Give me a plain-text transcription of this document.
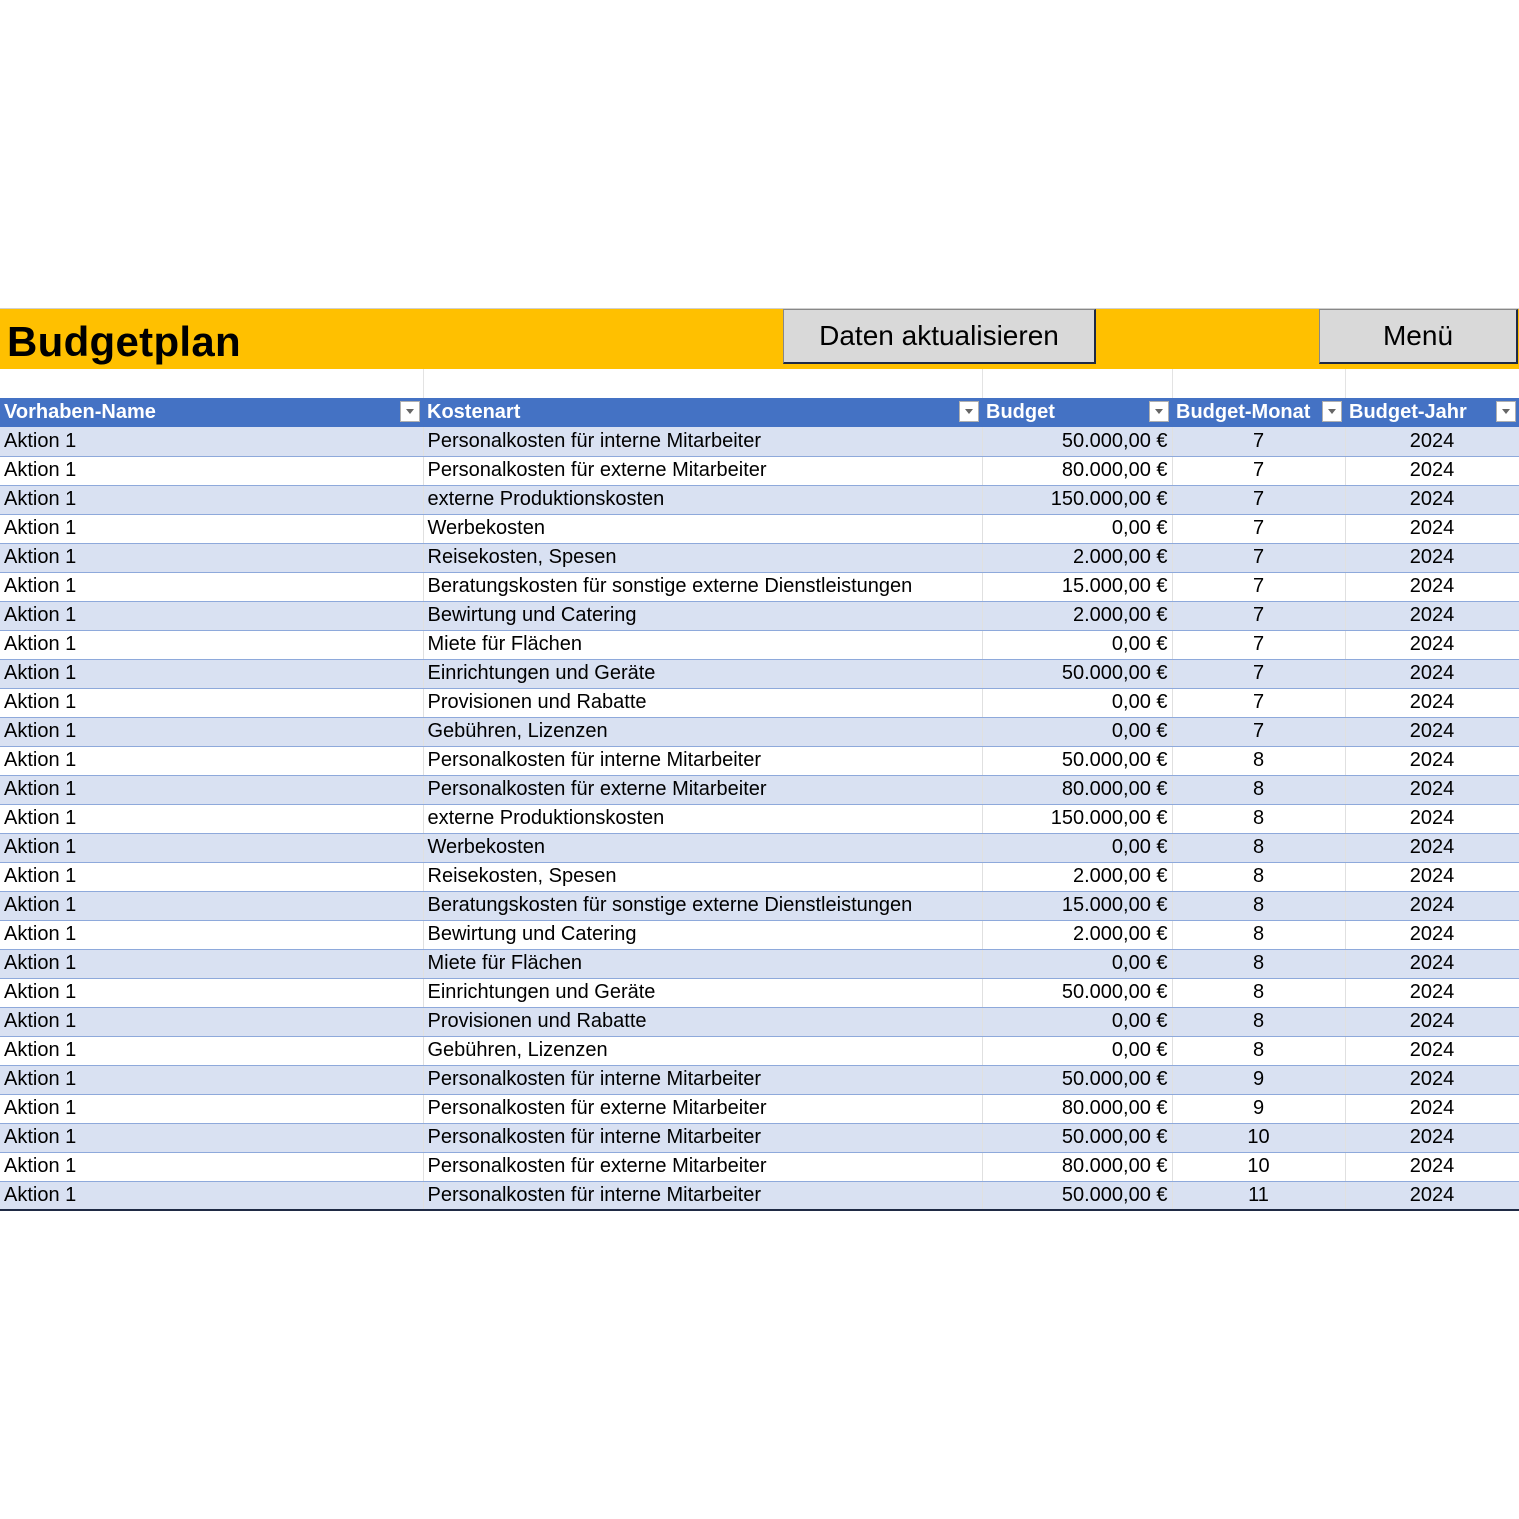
Budgetplan	Daten aktualisieren	Menü
Vorhaben-Name	Kostenart	Budget	Budget-Monat	Budget-Jahr

Aktion 1	Personalkosten für interne Mitarbeiter	50.000,00 €	7	2024
Aktion 1	Personalkosten für externe Mitarbeiter	80.000,00 €	7	2024
Aktion 1	externe Produktionskosten	150.000,00 €	7	2024
Aktion 1	Werbekosten	0,00 €	7	2024
Aktion 1	Reisekosten, Spesen	2.000,00 €	7	2024
Aktion 1	Beratungskosten für sonstige externe Dienstleistungen	15.000,00 €	7	2024
Aktion 1	Bewirtung und Catering	2.000,00 €	7	2024
Aktion 1	Miete für Flächen	0,00 €	7	2024
Aktion 1	Einrichtungen und Geräte	50.000,00 €	7	2024
Aktion 1	Provisionen und Rabatte	0,00 €	7	2024
Aktion 1	Gebühren, Lizenzen	0,00 €	7	2024
Aktion 1	Personalkosten für interne Mitarbeiter	50.000,00 €	8	2024
Aktion 1	Personalkosten für externe Mitarbeiter	80.000,00 €	8	2024
Aktion 1	externe Produktionskosten	150.000,00 €	8	2024
Aktion 1	Werbekosten	0,00 €	8	2024
Aktion 1	Reisekosten, Spesen	2.000,00 €	8	2024
Aktion 1	Beratungskosten für sonstige externe Dienstleistungen	15.000,00 €	8	2024
Aktion 1	Bewirtung und Catering	2.000,00 €	8	2024
Aktion 1	Miete für Flächen	0,00 €	8	2024
Aktion 1	Einrichtungen und Geräte	50.000,00 €	8	2024
Aktion 1	Provisionen und Rabatte	0,00 €	8	2024
Aktion 1	Gebühren, Lizenzen	0,00 €	8	2024
Aktion 1	Personalkosten für interne Mitarbeiter	50.000,00 €	9	2024
Aktion 1	Personalkosten für externe Mitarbeiter	80.000,00 €	9	2024
Aktion 1	Personalkosten für interne Mitarbeiter	50.000,00 €	10	2024
Aktion 1	Personalkosten für externe Mitarbeiter	80.000,00 €	10	2024
Aktion 1	Personalkosten für interne Mitarbeiter	50.000,00 €	11	2024
